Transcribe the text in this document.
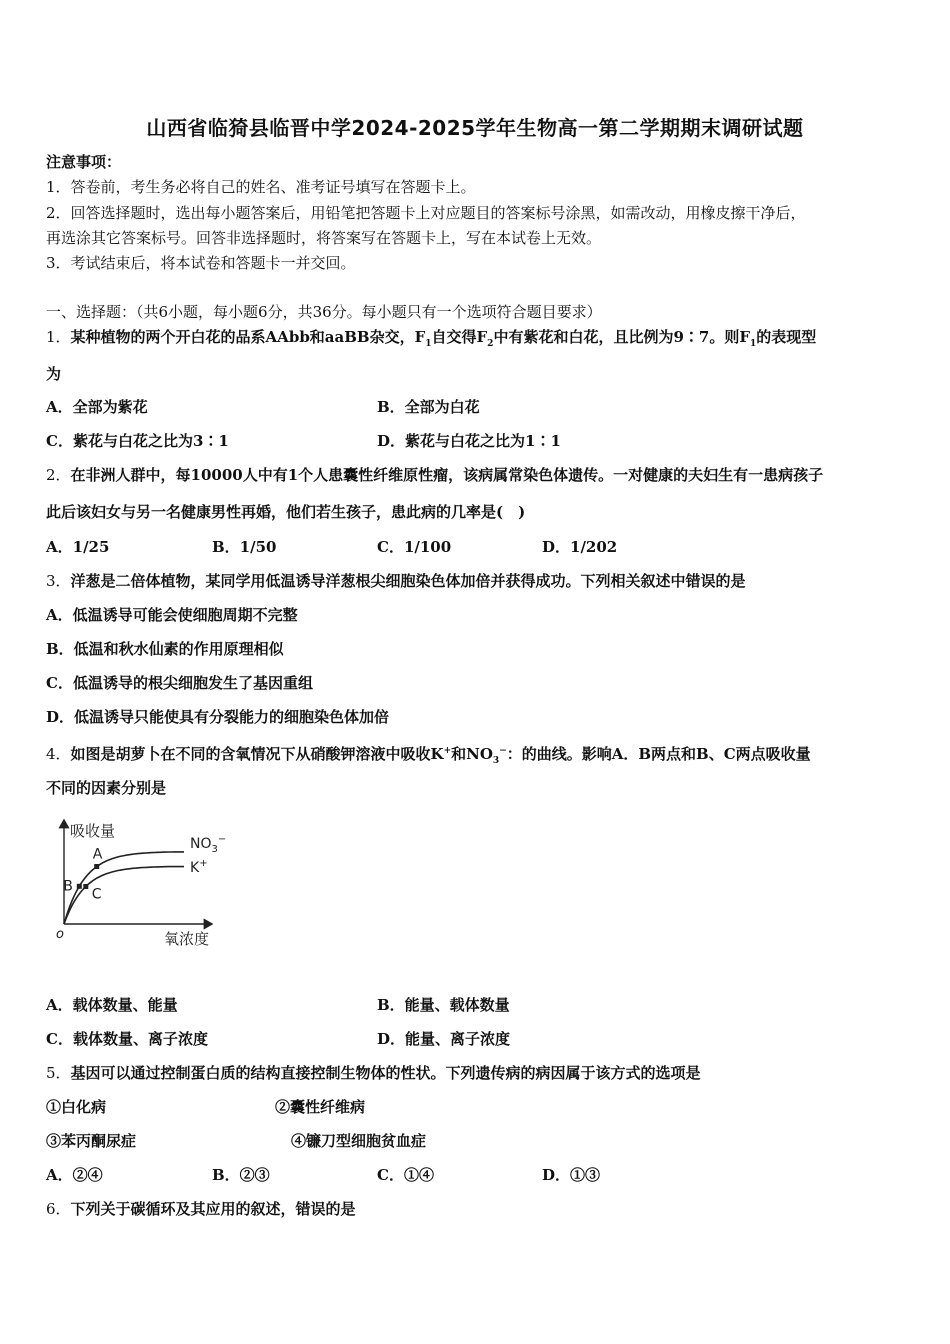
山西省临猗县临晋中学2024-2025学年生物高一第二学期期末调研试题
注意事项：
1．答卷前，考生务必将自己的姓名、准考证号填写在答题卡上。
2．回答选择题时，选出每小题答案后，用铅笔把答题卡上对应题目的答案标号涂黑，如需改动，用橡皮擦干净后，
再选涂其它答案标号。回答非选择题时，将答案写在答题卡上，写在本试卷上无效。
3．考试结束后，将本试卷和答题卡一并交回。
一、选择题：（共6小题，每小题6分，共36分。每小题只有一个选项符合题目要求）
1．某种植物的两个开白花的品系AAbb和aaBB杂交，$F_1$自交得$F_2$中有紫花和白花，且比例为9∶7。则$F_1$的表现型
为
A．全部为紫花	B．全部为白花
C．紫花与白花之比为3∶1	D．紫花与白花之比为1∶1
2．在非洲人群中，每10000人中有1个人患囊性纤维原性瘤，该病属常染色体遗传。一对健康的夫妇生有一患病孩子
此后该妇女与另一名健康男性再婚，他们若生孩子，患此病的几率是(　)
A．1/25	B．1/50	C．1/100	D．1/202
3．洋葱是二倍体植物，某同学用低温诱导洋葱根尖细胞染色体加倍并获得成功。下列相关叙述中错误的是
A．低温诱导可能会使细胞周期不完整
B．低温和秋水仙素的作用原理相似
C．低温诱导的根尖细胞发生了基因重组
D．低温诱导只能使具有分裂能力的细胞染色体加倍
4．如图是胡萝卜在不同的含氧情况下从硝酸钾溶液中吸收K+和$NO_3^-$：的曲线。影响A．B两点和B、C两点吸收量
不同的因素分别是
吸收量
氧浓度
o
$NO_3^-$
K+
A
B
C
A．载体数量、能量	B．能量、载体数量
C．载体数量、离子浓度	D．能量、离子浓度
5．基因可以通过控制蛋白质的结构直接控制生物体的性状。下列遗传病的病因属于该方式的选项是
①白化病	②囊性纤维病
③苯丙酮尿症	④镰刀型细胞贫血症
A．②④	B．②③	C．①④	D．①③
6．下列关于碳循环及其应用的叙述，错误的是
